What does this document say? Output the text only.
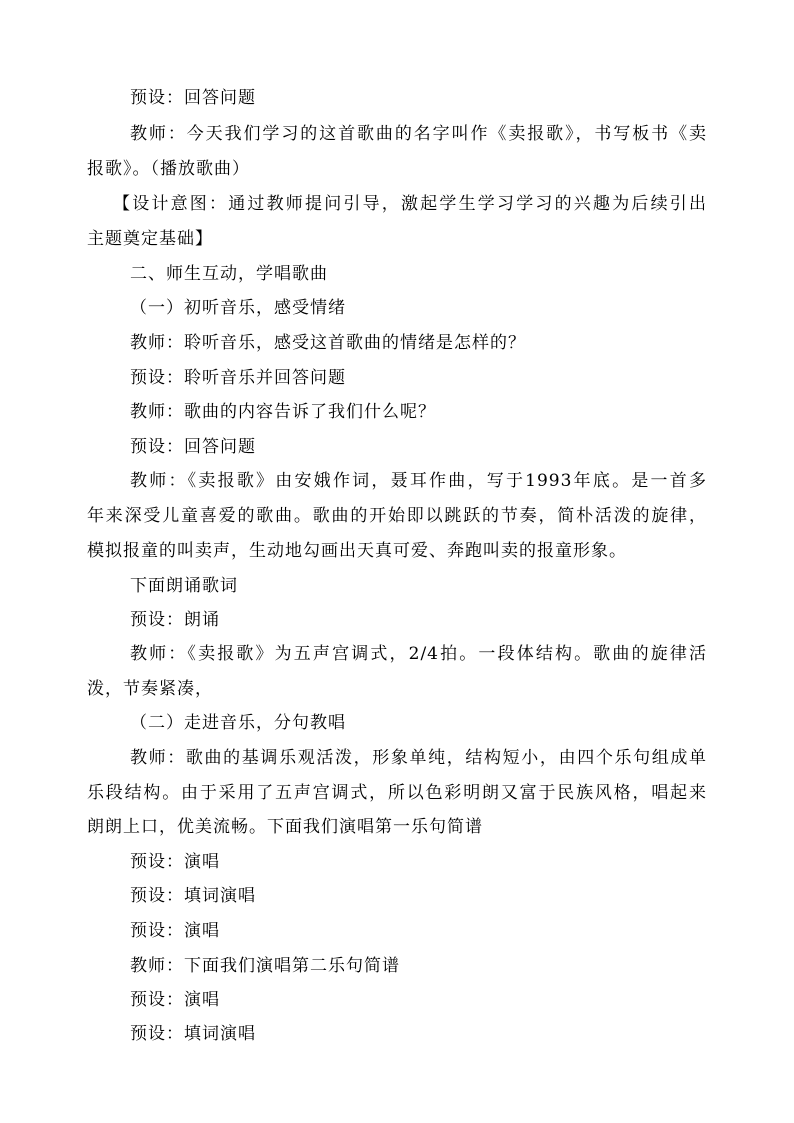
预设：回答问题
教师：今天我们学习的这首歌曲的名字叫作《卖报歌》，书写板书《卖
报歌》。（播放歌曲）
【设计意图：通过教师提问引导，激起学生学习学习的兴趣为后续引出
主题奠定基础】
二、师生互动，学唱歌曲
（一）初听音乐，感受情绪
教师：聆听音乐，感受这首歌曲的情绪是怎样的？
预设：聆听音乐并回答问题
教师：歌曲的内容告诉了我们什么呢？
预设：回答问题
教师：《卖报歌》由安娥作词，聂耳作曲，写于1993年底。是一首多
年来深受儿童喜爱的歌曲。歌曲的开始即以跳跃的节奏，简朴活泼的旋律，
模拟报童的叫卖声，生动地勾画出天真可爱、奔跑叫卖的报童形象。
下面朗诵歌词
预设：朗诵
教师：《卖报歌》为五声宫调式，2/4拍。一段体结构。歌曲的旋律活
泼，节奏紧凑，
（二）走进音乐，分句教唱
教师：歌曲的基调乐观活泼，形象单纯，结构短小，由四个乐句组成单
乐段结构。由于采用了五声宫调式，所以色彩明朗又富于民族风格，唱起来
朗朗上口，优美流畅。下面我们演唱第一乐句简谱
预设：演唱
预设：填词演唱
预设：演唱
教师：下面我们演唱第二乐句简谱
预设：演唱
预设：填词演唱
